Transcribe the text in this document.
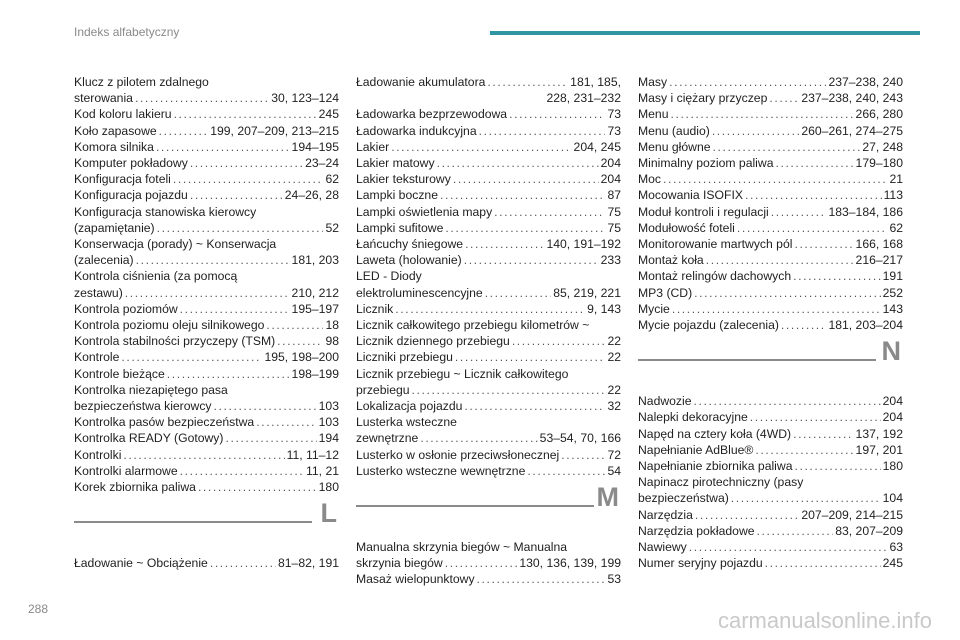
Indeks alfabetyczny
Klucz z pilotem zdalnego
sterowania .....	30, 123–124
Kod koloru lakieru .....	245
Koło zapasowe .....	199, 207–209, 213–215
Komora silnika .....	194–195
Komputer pokładowy .....	23–24
Konfiguracja foteli .....	62
Konfiguracja pojazdu .....	24–26, 28
Konfiguracja stanowiska kierowcy
(zapamiętanie) .....	52
Konserwacja (porady) ~ Konserwacja
(zalecenia) .....	181, 203
Kontrola ciśnienia (za pomocą
zestawu) .....	210, 212
Kontrola poziomów .....	195–197
Kontrola poziomu oleju silnikowego .....	18
Kontrola stabilności przyczepy (TSM) .....	98
Kontrole .....	195, 198–200
Kontrole bieżące .....	198–199
Kontrolka niezapiętego pasa
bezpieczeństwa kierowcy .....	103
Kontrolka pasów bezpieczeństwa .....	103
Kontrolka READY (Gotowy) .....	194
Kontrolki .....	11, 11–12
Kontrolki alarmowe .....	11, 21
Korek zbiornika paliwa .....	180
L
Ładowanie ~ Obciążenie .....	81–82, 191
Ładowanie akumulatora .....	181, 185,
228, 231–232
Ładowarka bezprzewodowa .....	73
Ładowarka indukcyjna .....	73
Lakier .....	204, 245
Lakier matowy .....	204
Lakier teksturowy .....	204
Lampki boczne .....	87
Lampki oświetlenia mapy .....	75
Lampki sufitowe .....	75
Łańcuchy śniegowe .....	140, 191–192
Laweta (holowanie) .....	233
LED - Diody
elektroluminescencyjne .....	85, 219, 221
Licznik .....	9, 143
Licznik całkowitego przebiegu kilometrów ~
Licznik dziennego przebiegu .....	22
Liczniki przebiegu .....	22
Licznik przebiegu ~ Licznik całkowitego
przebiegu .....	22
Lokalizacja pojazdu .....	32
Lusterka wsteczne
zewnętrzne .....	53–54, 70, 166
Lusterko w osłonie przeciwsłonecznej .....	72
Lusterko wsteczne wewnętrzne .....	54
M
Manualna skrzynia biegów ~ Manualna
skrzynia biegów .....	130, 136, 139, 199
Masaż wielopunktowy .....	53
Masy .....	237–238, 240
Masy i ciężary przyczep .....	237–238, 240, 243
Menu .....	266, 280
Menu (audio) .....	260–261, 274–275
Menu główne .....	27, 248
Minimalny poziom paliwa .....	179–180
Moc .....	21
Mocowania ISOFIX .....	113
Moduł kontroli i regulacji .....	183–184, 186
Modułowość foteli .....	62
Monitorowanie martwych pól .....	166, 168
Montaż koła .....	216–217
Montaż relingów dachowych .....	191
MP3 (CD) .....	252
Mycie .....	143
Mycie pojazdu (zalecenia) .....	181, 203–204
N
Nadwozie .....	204
Nalepki dekoracyjne .....	204
Napęd na cztery koła (4WD) .....	137, 192
Napełnianie AdBlue® .....	197, 201
Napełnianie zbiornika paliwa .....	180
Napinacz pirotechniczny (pasy
bezpieczeństwa) .....	104
Narzędzia .....	207–209, 214–215
Narzędzia pokładowe .....	83, 207–209
Nawiewy .....	63
Numer seryjny pojazdu .....	245
288	carmanualsonline.info
